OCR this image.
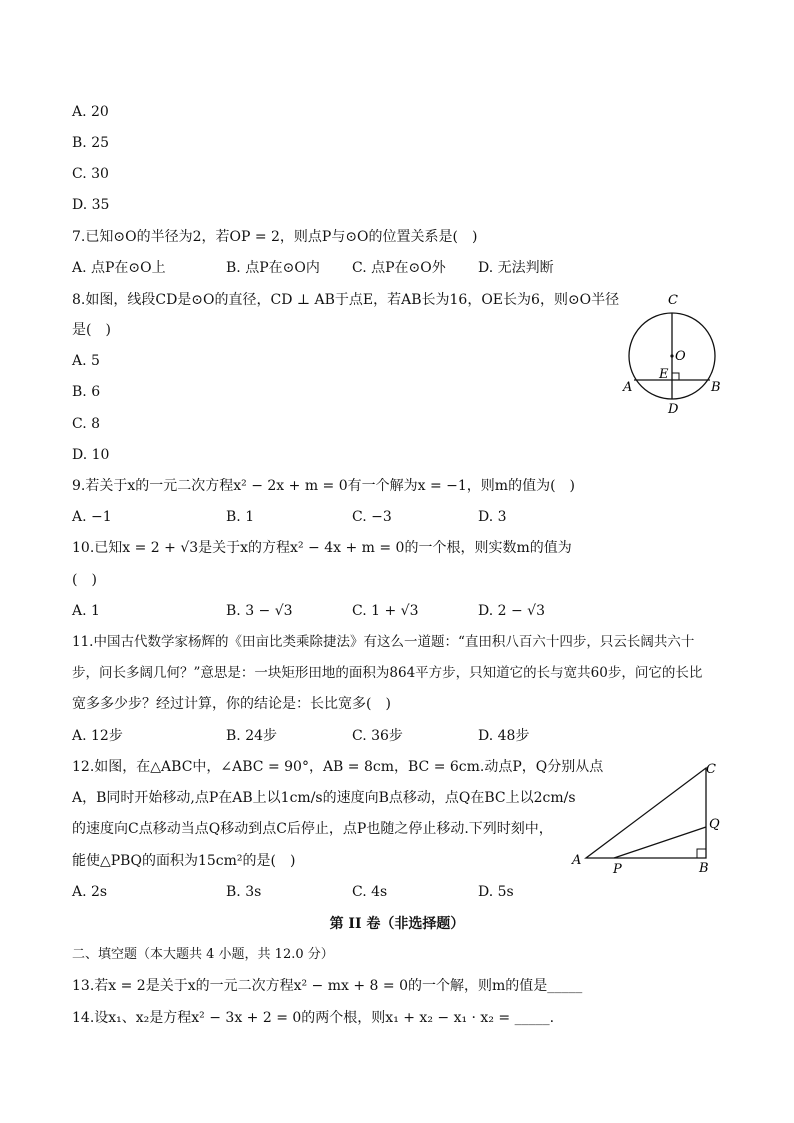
A. 20
B. 25
C. 30
D. 35
7.已知⊙O的半径为2，若OP = 2，则点P与⊙O的位置关系是(　)
A. 点P在⊙O上	B. 点P在⊙O内 C. 点P在⊙O外 D. 无法判断
8.如图，线段CD是⊙O的直径，CD ⊥ AB于点E，若AB长为16，OE长为6，则⊙O半径
是(　)
A. 5
B. 6
C. 8
D. 10
C
O
E
A	B
D
9.若关于x的一元二次方程x² − 2x + m = 0有一个解为x = −1，则m的值为(　)
A. −1	B. 1	C. −3	D. 3
10.已知x = 2 + √3是关于x的方程x² − 4x + m = 0的一个根，则实数m的值为
(　)
A. 1	B. 3 − √3	C. 1 + √3	D. 2 − √3
11.中国古代数学家杨辉的《田亩比类乘除捷法》有这么一道题：“直田积八百六十四步，只云长阔共六十
步，问长多阔几何？”意思是：一块矩形田地的面积为864平方步，只知道它的长与宽共60步，问它的长比
宽多多少步？经过计算，你的结论是：长比宽多(　)
A. 12步	B. 24步	C. 36步	D. 48步
12.如图，在△ABC中，∠ABC = 90°，AB = 8cm，BC = 6cm.动点P，Q分别从点
A，B同时开始移动,点P在AB上以1cm/s的速度向B点移动，点Q在BC上以2cm/s
的速度向C点移动当点Q移动到点C后停止，点P也随之停止移动.下列时刻中，
能使△PBQ的面积为15cm²的是(　)
A. 2s	B. 3s	C. 4s	D. 5s
A
P	B
Q
C
第 II 卷（非选择题）
二、填空题（本大题共 4 小题，共 12.0 分）
13.若x = 2是关于x的一元二次方程x² − mx + 8 = 0的一个解，则m的值是_____
14.设x₁、x₂是方程x² − 3x + 2 = 0的两个根，则x₁ + x₂ − x₁ · x₂ = _____.
